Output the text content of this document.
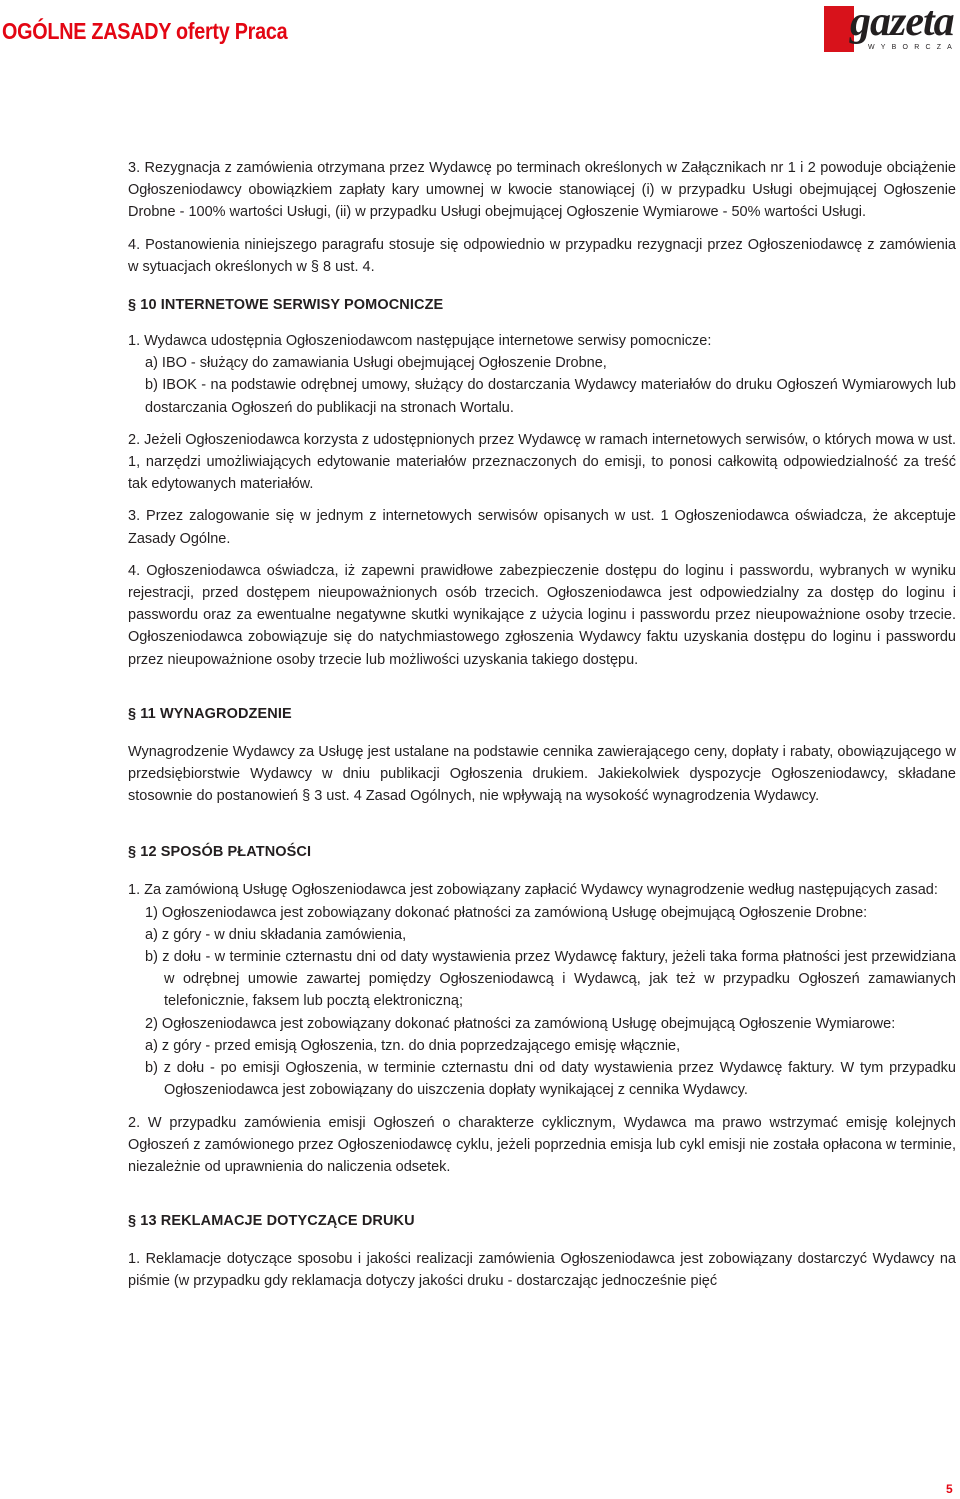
OGÓLNE ZASADY oferty Praca	gazeta
WYBORCZA

3. Rezygnacja z zamówienia otrzymana przez Wydawcę po terminach określonych w Załącznikach nr 1 i 2 powoduje obciążenie Ogłoszeniodawcy obowiązkiem zapłaty kary umownej w kwocie stanowiącej (i) w przypadku Usługi obejmującej Ogłoszenie Drobne - 100% wartości Usługi, (ii) w przypadku Usługi obejmującej Ogłoszenie Wymiarowe - 50% wartości Usługi.

4. Postanowienia niniejszego paragrafu stosuje się odpowiednio w przypadku rezygnacji przez Ogłoszeniodawcę z zamówienia w sytuacjach określonych w § 8 ust. 4.

§ 10 INTERNETOWE SERWISY POMOCNICZE

1. Wydawca udostępnia Ogłoszeniodawcom następujące internetowe serwisy pomocnicze:

a) IBO - służący do zamawiania Usługi obejmującej Ogłoszenie Drobne,

b) IBOK - na podstawie odrębnej umowy, służący do dostarczania Wydawcy materiałów do druku Ogłoszeń Wymiarowych lub dostarczania Ogłoszeń do publikacji na stronach Wortalu.

2. Jeżeli Ogłoszeniodawca korzysta z udostępnionych przez Wydawcę w ramach internetowych serwisów, o których mowa w ust. 1, narzędzi umożliwiających edytowanie materiałów przeznaczonych do emisji, to ponosi całkowitą odpowiedzialność za treść tak edytowanych materiałów.

3. Przez zalogowanie się w jednym z internetowych serwisów opisanych w ust. 1 Ogłoszeniodawca oświadcza, że akceptuje Zasady Ogólne.

4. Ogłoszeniodawca oświadcza, iż zapewni prawidłowe zabezpieczenie dostępu do loginu i passwordu, wybranych w wyniku rejestracji, przed dostępem nieupoważnionych osób trzecich. Ogłoszeniodawca jest odpowiedzialny za dostęp do loginu i passwordu oraz za ewentualne negatywne skutki wynikające z użycia loginu i passwordu przez nieupoważnione osoby trzecie. Ogłoszeniodawca zobowiązuje się do natychmiastowego zgłoszenia Wydawcy faktu uzyskania dostępu do loginu i passwordu przez nieupoważnione osoby trzecie lub możliwości uzyskania takiego dostępu.

§ 11 WYNAGRODZENIE

Wynagrodzenie Wydawcy za Usługę jest ustalane na podstawie cennika zawierającego ceny, dopłaty i rabaty, obowiązującego w przedsiębiorstwie Wydawcy w dniu publikacji Ogłoszenia drukiem. Jakiekolwiek dyspozycje Ogłoszeniodawcy, składane stosownie do postanowień § 3 ust. 4 Zasad Ogólnych, nie wpływają na wysokość wynagrodzenia Wydawcy.

§ 12 SPOSÓB PŁATNOŚCI

1. Za zamówioną Usługę Ogłoszeniodawca jest zobowiązany zapłacić Wydawcy wynagrodzenie według następujących zasad:

1) Ogłoszeniodawca jest zobowiązany dokonać płatności za zamówioną Usługę obejmującą Ogłoszenie Drobne:

a) z góry - w dniu składania zamówienia,

b) z dołu - w terminie czternastu dni od daty wystawienia przez Wydawcę faktury, jeżeli taka forma płatności jest przewidziana w odrębnej umowie zawartej pomiędzy Ogłoszeniodawcą i Wydawcą, jak też w przypadku Ogłoszeń zamawianych telefonicznie, faksem lub pocztą elektroniczną;

2) Ogłoszeniodawca jest zobowiązany dokonać płatności za zamówioną Usługę obejmującą Ogłoszenie Wymiarowe:

a) z góry - przed emisją Ogłoszenia, tzn. do dnia poprzedzającego emisję włącznie,

b) z dołu - po emisji Ogłoszenia, w terminie czternastu dni od daty wystawienia przez Wydawcę faktury. W tym przypadku Ogłoszeniodawca jest zobowiązany do uiszczenia dopłaty wynikającej z cennika Wydawcy.

2. W przypadku zamówienia emisji Ogłoszeń o charakterze cyklicznym, Wydawca ma prawo wstrzymać emisję kolejnych Ogłoszeń z zamówionego przez Ogłoszeniodawcę cyklu, jeżeli poprzednia emisja lub cykl emisji nie została opłacona w terminie, niezależnie od uprawnienia do naliczenia odsetek.

§ 13 REKLAMACJE DOTYCZĄCE DRUKU

1. Reklamacje dotyczące sposobu i jakości realizacji zamówienia Ogłoszeniodawca jest zobowiązany dostarczyć Wydawcy na piśmie (w przypadku gdy reklamacja dotyczy jakości druku - dostarczając jednocześnie pięć

5
